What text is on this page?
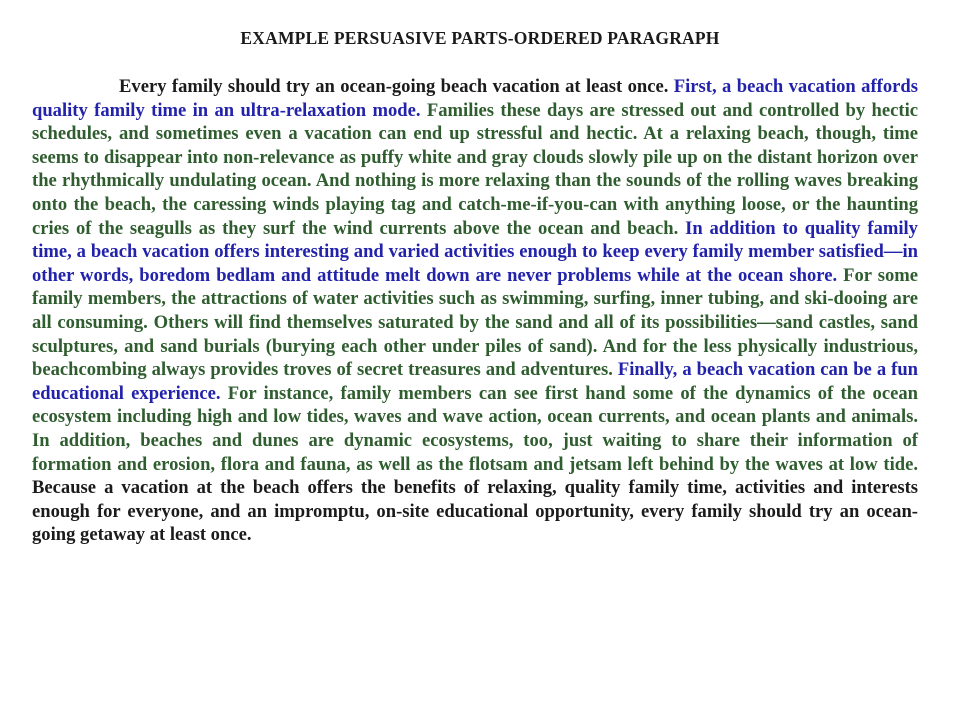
EXAMPLE PERSUASIVE PARTS-ORDERED PARAGRAPH

Every family should try an ocean-going beach vacation at least once. First, a beach vacation affords quality family time in an ultra-relaxation mode. Families these days are stressed out and controlled by hectic schedules, and sometimes even a vacation can end up stressful and hectic. At a relaxing beach, though, time seems to disappear into non-relevance as puffy white and gray clouds slowly pile up on the distant horizon over the rhythmically undulating ocean. And nothing is more relaxing than the sounds of the rolling waves breaking onto the beach, the caressing winds playing tag and catch-me-if-you-can with anything loose, or the haunting cries of the seagulls as they surf the wind currents above the ocean and beach. In addition to quality family time, a beach vacation offers interesting and varied activities enough to keep every family member satisfied—in other words, boredom bedlam and attitude melt down are never problems while at the ocean shore. For some family members, the attractions of water activities such as swimming, surfing, inner tubing, and ski-dooing are all consuming. Others will find themselves saturated by the sand and all of its possibilities—sand castles, sand sculptures, and sand burials (burying each other under piles of sand). And for the less physically industrious, beachcombing always provides troves of secret treasures and adventures. Finally, a beach vacation can be a fun educational experience. For instance, family members can see first hand some of the dynamics of the ocean ecosystem including high and low tides, waves and wave action, ocean currents, and ocean plants and animals. In addition, beaches and dunes are dynamic ecosystems, too, just waiting to share their information of formation and erosion, flora and fauna, as well as the flotsam and jetsam left behind by the waves at low tide. Because a vacation at the beach offers the benefits of relaxing, quality family time, activities and interests enough for everyone, and an impromptu, on-site educational opportunity, every family should try an ocean-going getaway at least once.
